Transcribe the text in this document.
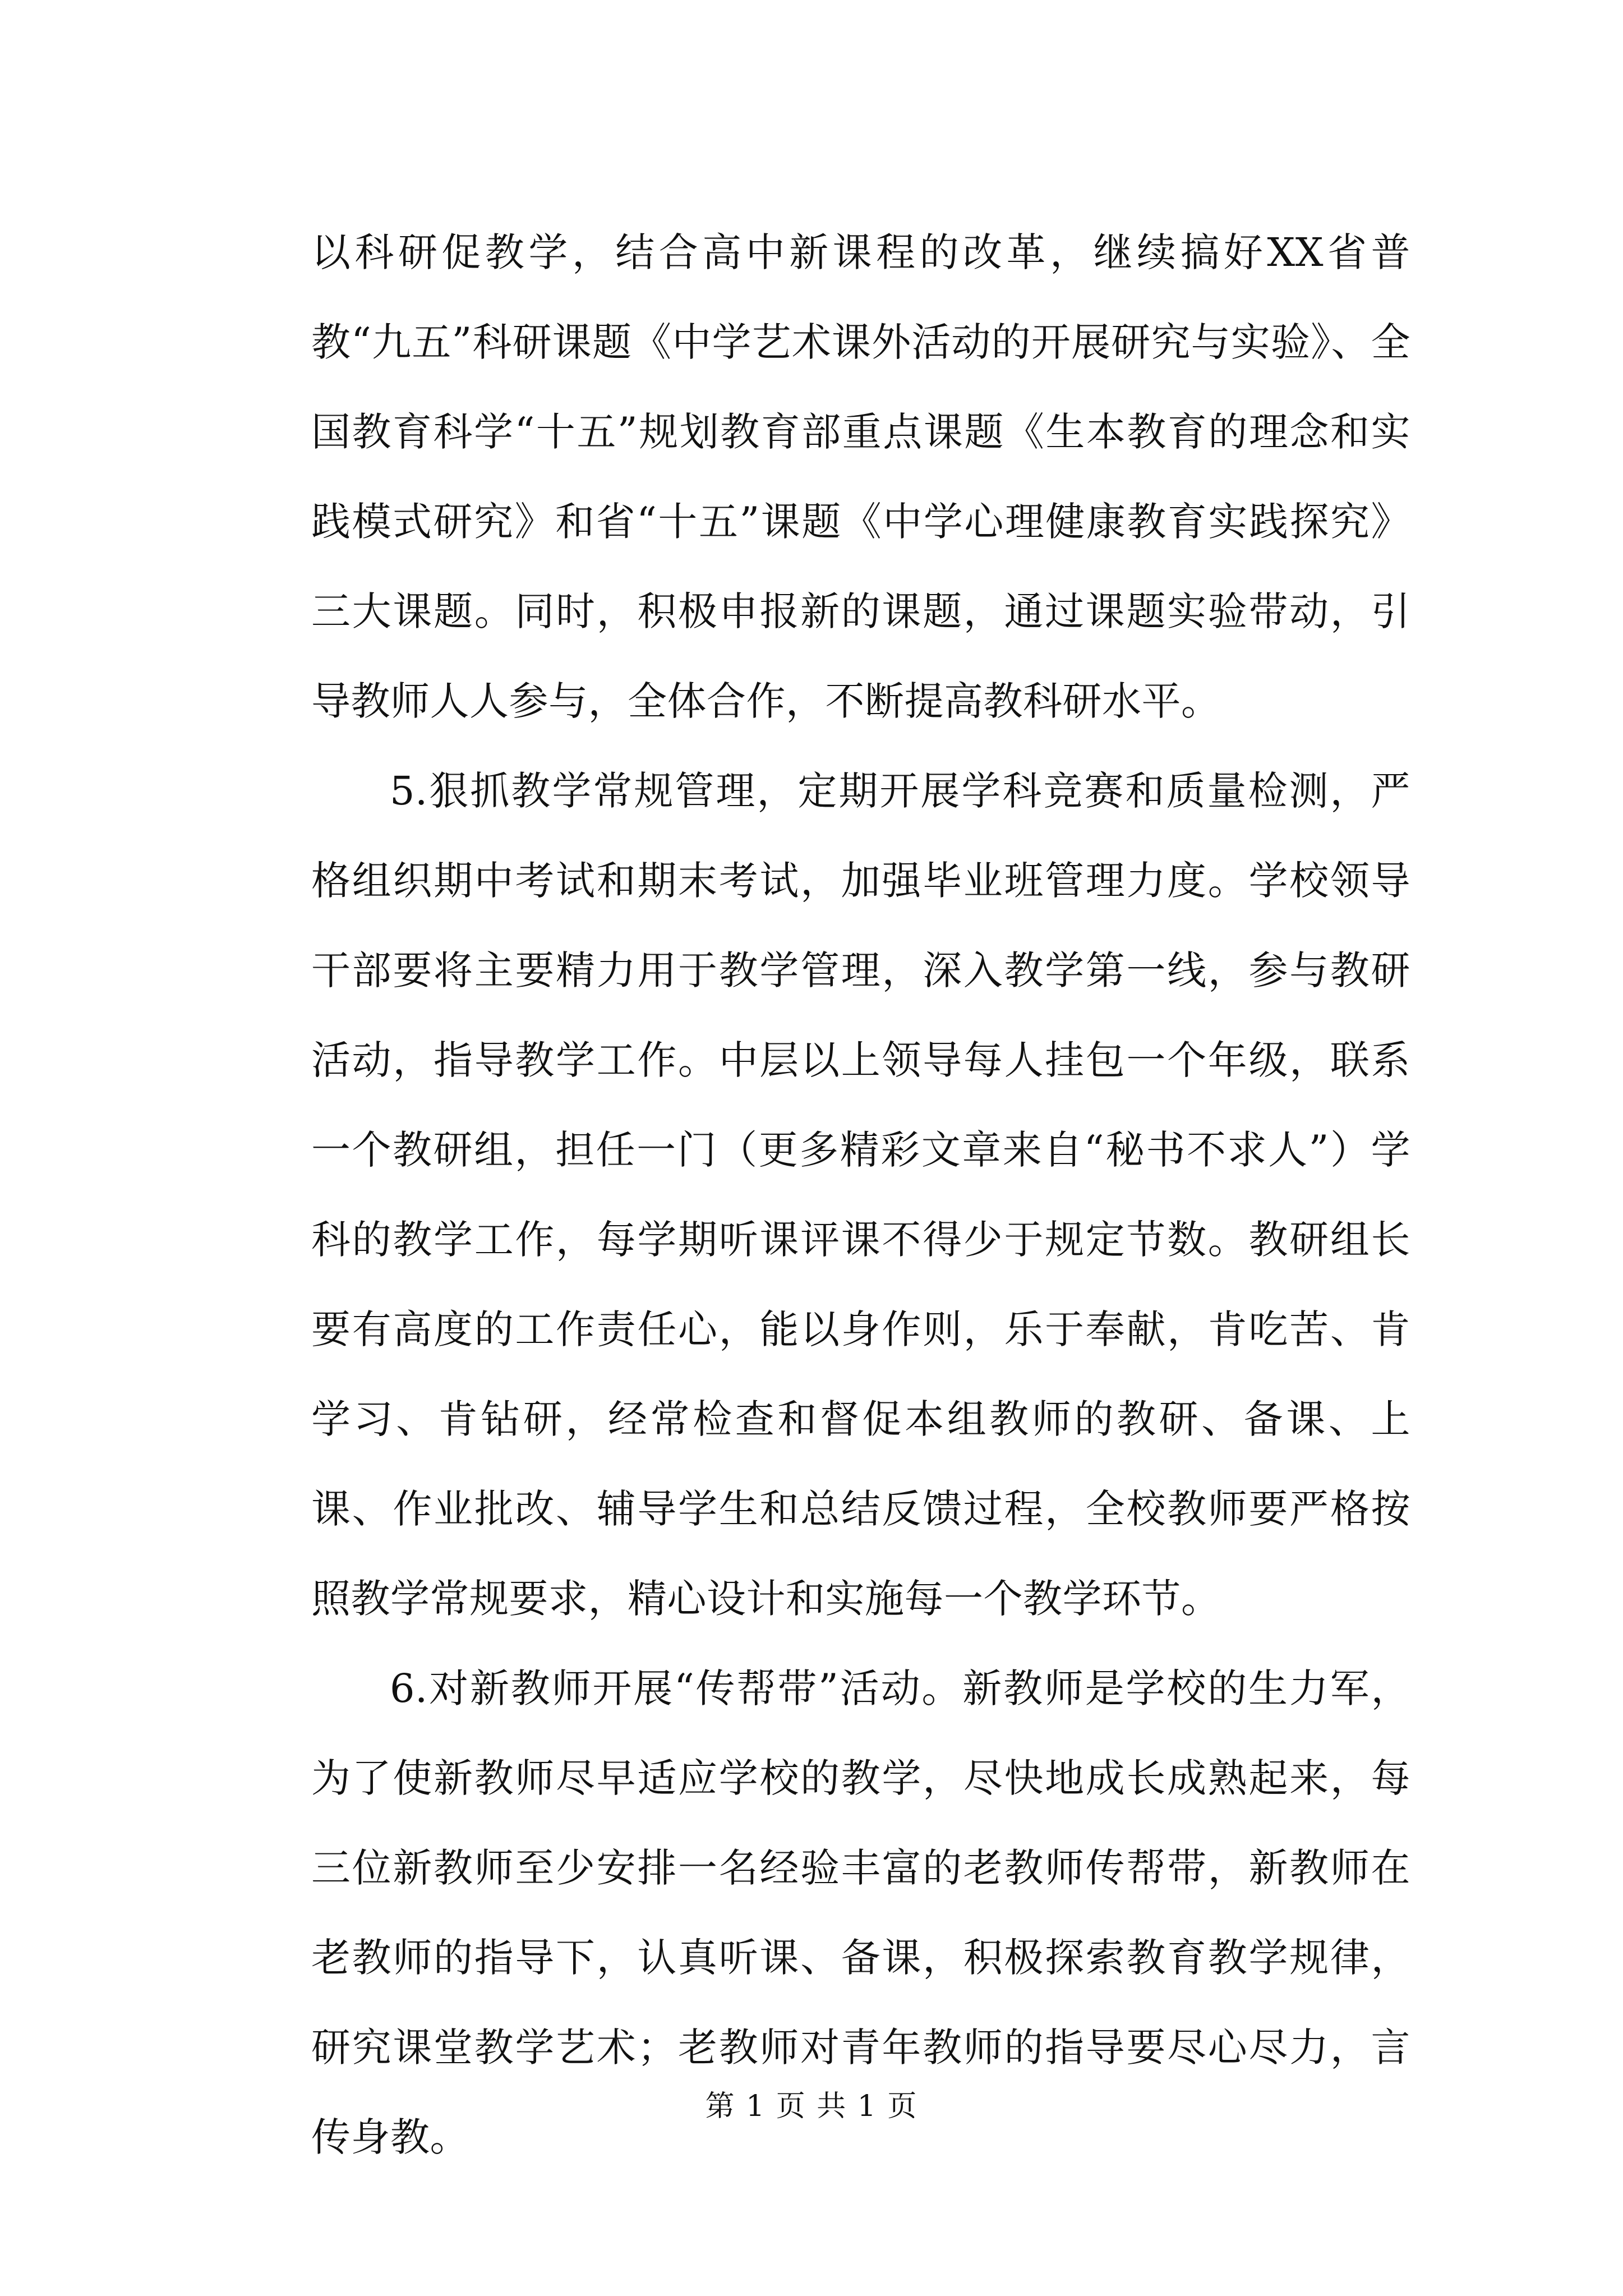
以科研促教学，结合高中新课程的改革，继续搞好XX省普教“九五”科研课题《中学艺术课外活动的开展研究与实验》、全国教育科学“十五”规划教育部重点课题《生本教育的理念和实践模式研究》和省“十五”课题《中学心理健康教育实践探究》三大课题。同时，积极申报新的课题，通过课题实验带动，引导教师人人参与，全体合作，不断提高教科研水平。

5.狠抓教学常规管理，定期开展学科竞赛和质量检测，严格组织期中考试和期末考试，加强毕业班管理力度。学校领导干部要将主要精力用于教学管理，深入教学第一线，参与教研活动，指导教学工作。中层以上领导每人挂包一个年级，联系一个教研组，担任一门（更多精彩文章来自“秘书不求人”）学科的教学工作，每学期听课评课不得少于规定节数。教研组长要有高度的工作责任心，能以身作则，乐于奉献，肯吃苦、肯学习、肯钻研，经常检查和督促本组教师的教研、备课、上课、作业批改、辅导学生和总结反馈过程，全校教师要严格按照教学常规要求，精心设计和实施每一个教学环节。

6.对新教师开展“传帮带”活动。新教师是学校的生力军，为了使新教师尽早适应学校的教学，尽快地成长成熟起来，每三位新教师至少安排一名经验丰富的老教师传帮带，新教师在老教师的指导下，认真听课、备课，积极探索教育教学规律，研究课堂教学艺术；老教师对青年教师的指导要尽心尽力，言传身教。

第 1 页 共 1 页
